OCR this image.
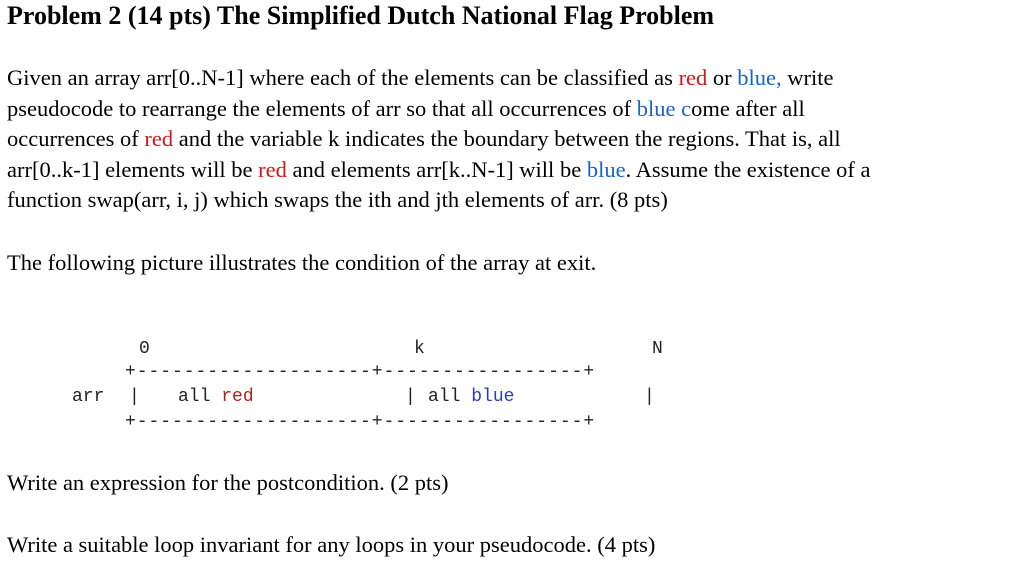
Problem 2 (14 pts) The Simplified Dutch National Flag Problem
Given an array arr[0..N-1] where each of the elements can be classified as red or blue, write
pseudocode to rearrange the elements of arr so that all occurrences of blue come after all
occurrences of red and the variable k indicates the boundary between the regions. That is, all
arr[0..k-1] elements will be red and elements arr[k..N-1] will be blue. Assume the existence of a
function swap(arr, i, j) which swaps the ith and jth elements of arr. (8 pts)
The following picture illustrates the condition of the array at exit.
0	k	N
+--------------------+-----------------+
arr | all red	| all blue	|
+--------------------+-----------------+
Write an expression for the postcondition. (2 pts)
Write a suitable loop invariant for any loops in your pseudocode. (4 pts)
